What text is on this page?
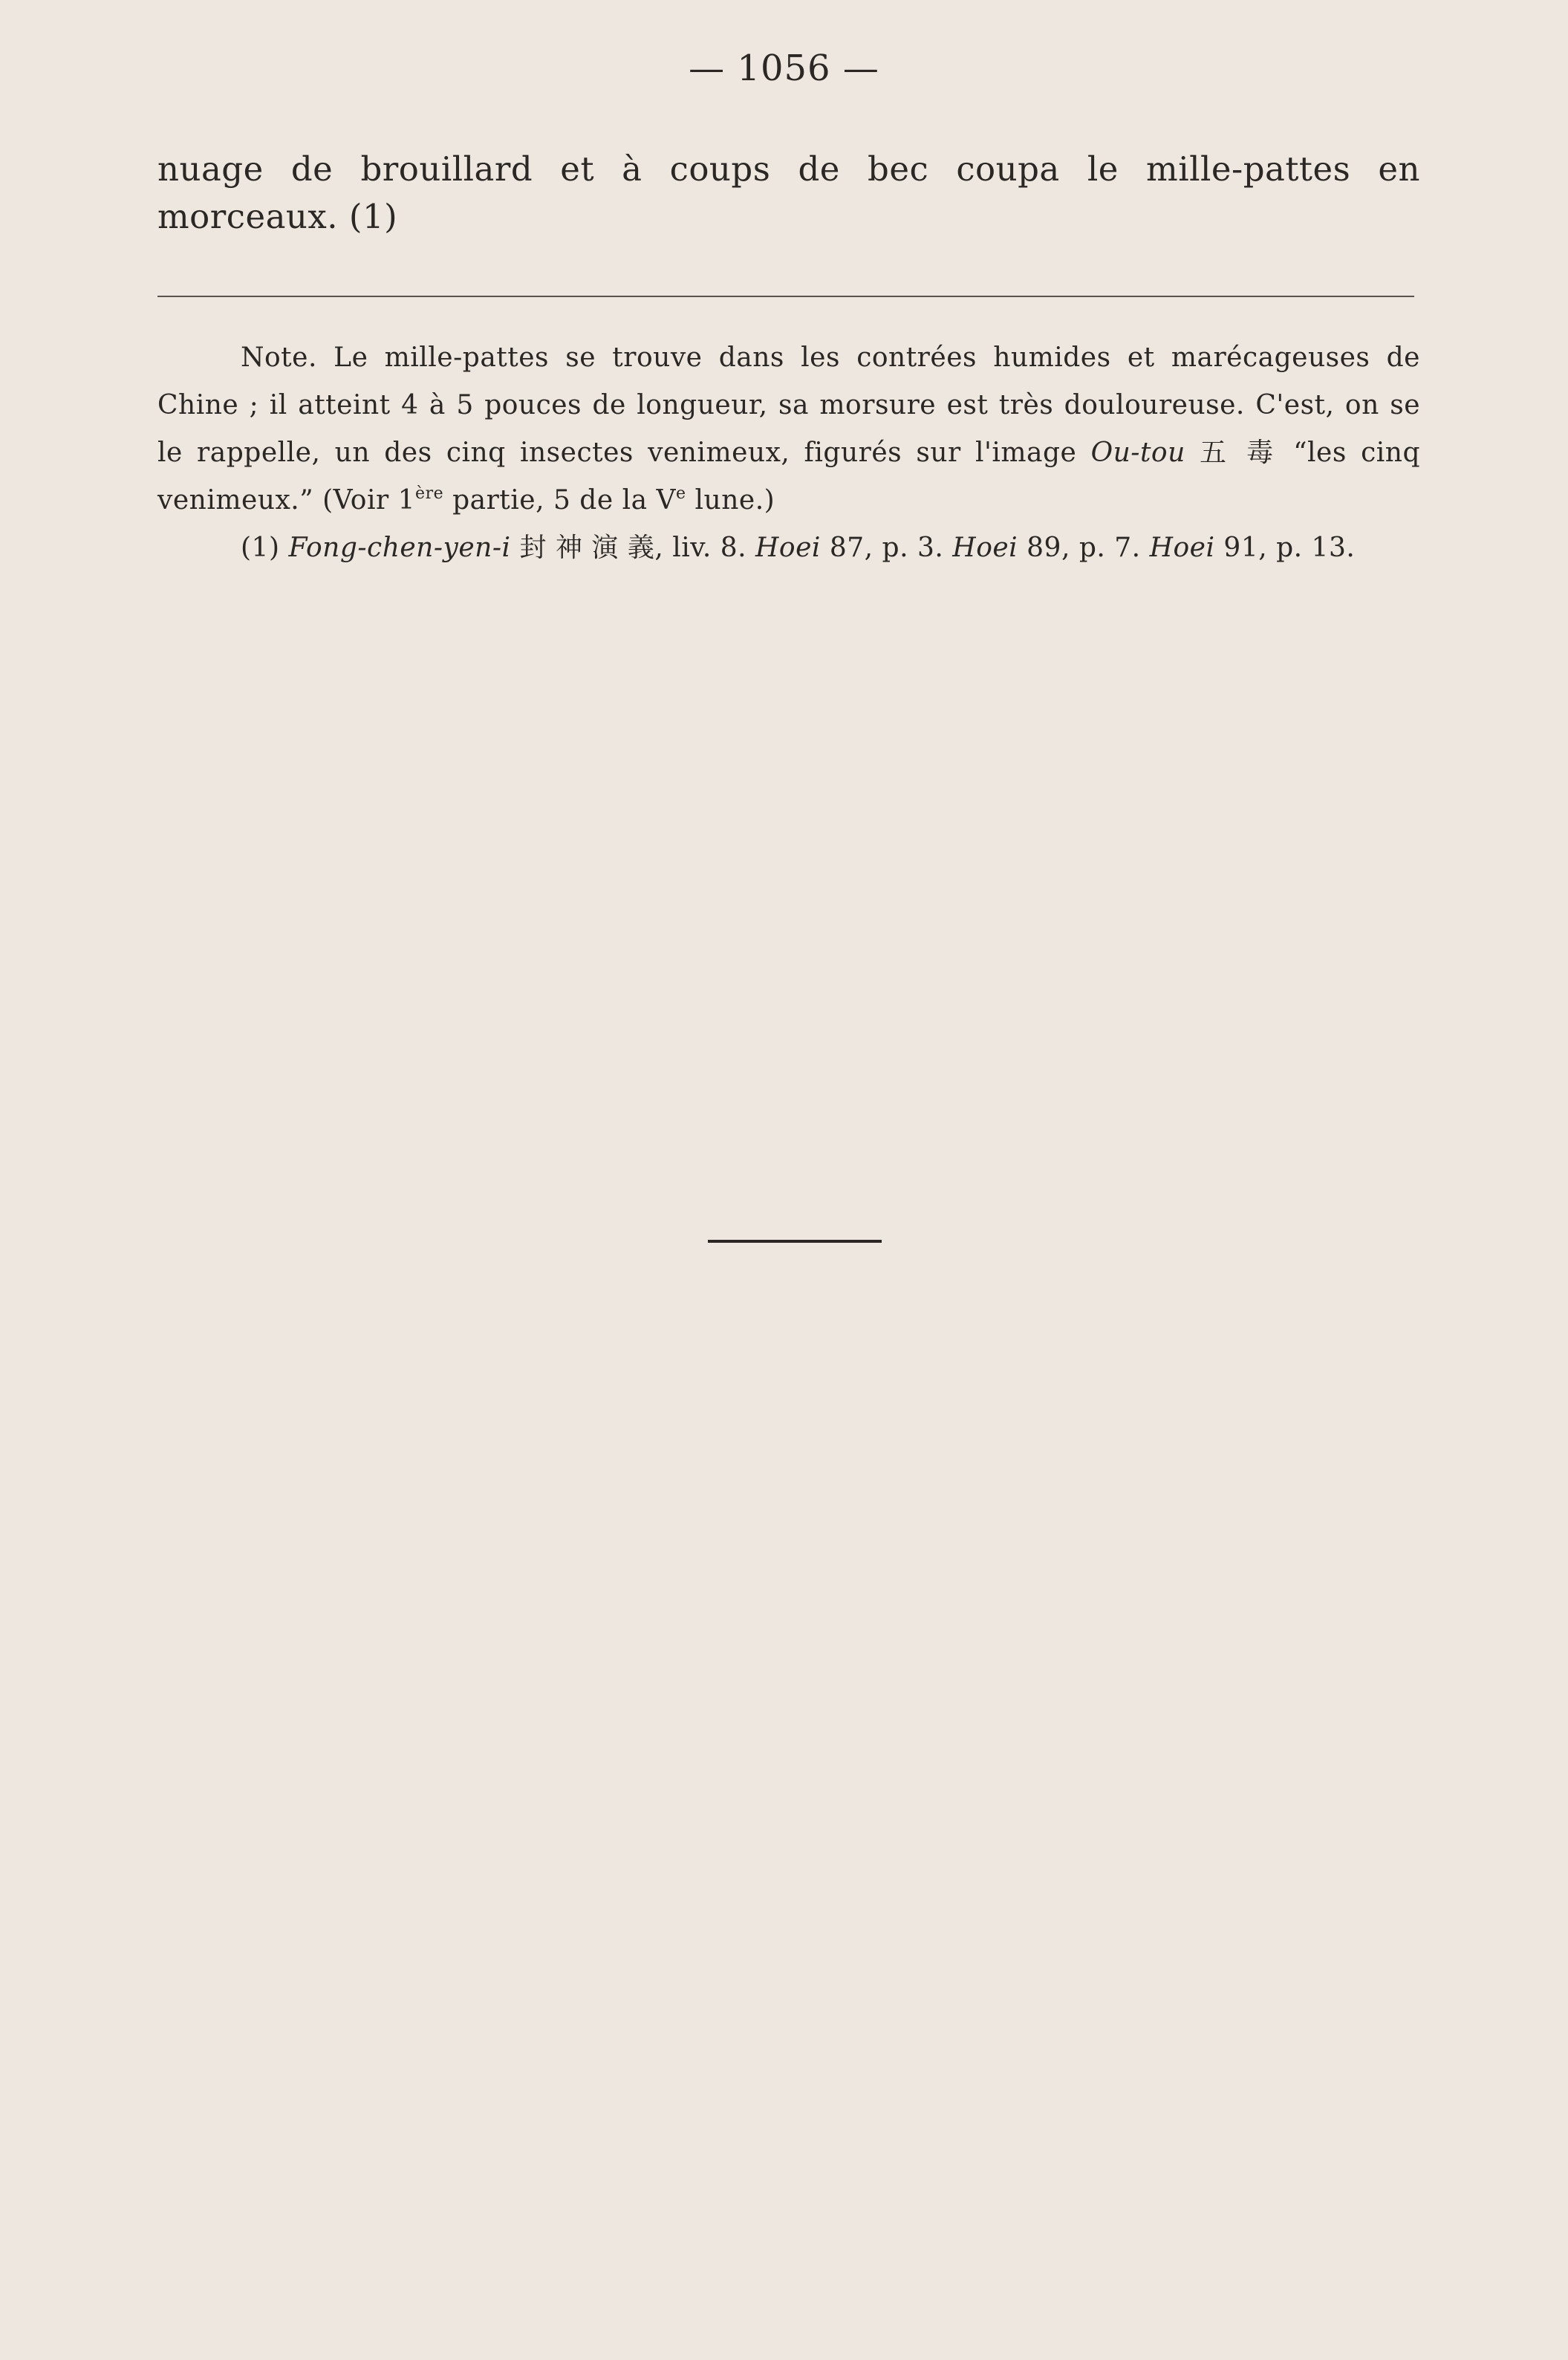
— 1056 —
nuage de brouillard et à coups de bec coupa le mille-pattes en
morceaux. (1)

Note. Le mille-pattes se trouve dans les contrées humides et marécageuses de Chine ; il atteint 4 à 5 pouces de longueur, sa morsure est très douloureuse. C'est, on se le rappelle, un des cinq insectes venimeux, figurés sur l'image Ou-tou 五 毒 “les cinq venimeux.” (Voir 1ère partie, 5 de la Ve lune.)

(1) Fong-chen-yen-i 封 神 演 義, liv. 8. Hoei 87, p. 3. Hoei 89, p. 7. Hoei 91, p. 13.
